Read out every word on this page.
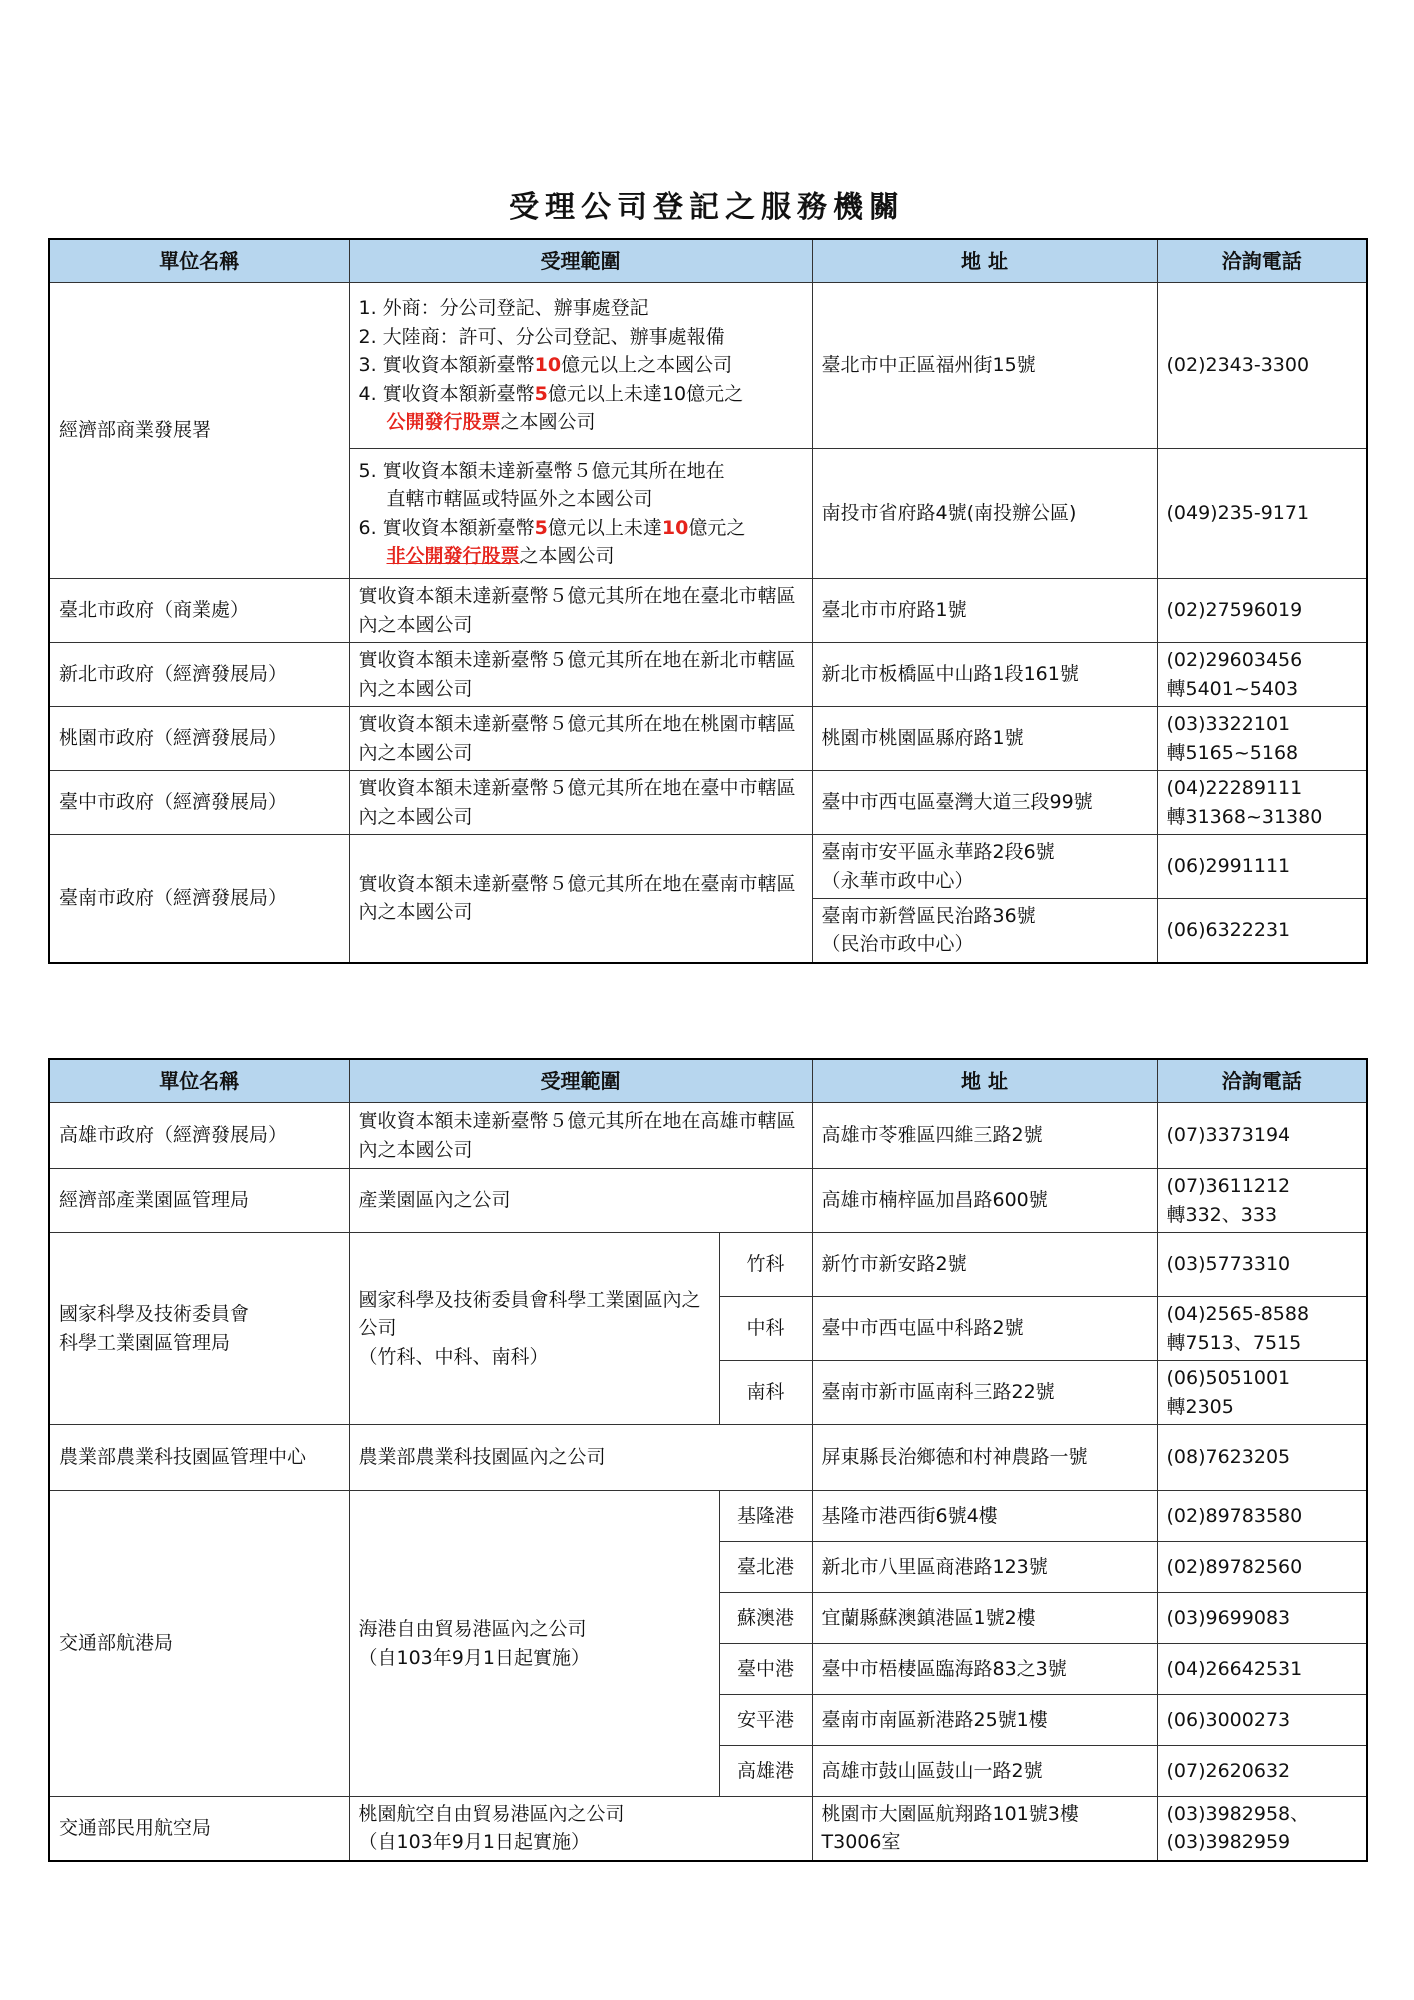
受理公司登記之服務機關
單位名稱	受理範圍	地 址	洽詢電話
經濟部商業發展署	1. 外商：分公司登記、辦事處登記
2. 大陸商：許可、分公司登記、辦事處報備
3. 實收資本額新臺幣10億元以上之本國公司
4. 實收資本額新臺幣5億元以上未達10億元之
公開發行股票之本國公司	臺北市中正區福州街15號	(02)2343-3300

	5. 實收資本額未達新臺幣５億元其所在地在
直轄市轄區或特區外之本國公司
6. 實收資本額新臺幣5億元以上未達10億元之
非公開發行股票之本國公司	南投市省府路4號(南投辦公區)	(049)235-9171
臺北市政府（商業處）	實收資本額未達新臺幣５億元其所在地在臺北市轄區內之本國公司	臺北市市府路1號	(02)27596019
新北市政府（經濟發展局）	實收資本額未達新臺幣５億元其所在地在新北市轄區內之本國公司	新北市板橋區中山路1段161號	(02)29603456
轉5401~5403

桃園市政府（經濟發展局）	實收資本額未達新臺幣５億元其所在地在桃園市轄區內之本國公司	桃園市桃園區縣府路1號	(03)3322101
轉5165~5168

臺中市政府（經濟發展局）	實收資本額未達新臺幣５億元其所在地在臺中市轄區內之本國公司	臺中市西屯區臺灣大道三段99號	(04)22289111
轉31368~31380

臺南市政府（經濟發展局）	實收資本額未達新臺幣５億元其所在地在臺南市轄區內之本國公司	臺南市安平區永華路2段6號
（永華市政中心）	(06)2991111

		臺南市新營區民治路36號
（民治市政中心）	(06)6322231
單位名稱	受理範圍		地 址	洽詢電話
高雄市政府（經濟發展局）	實收資本額未達新臺幣５億元其所在地在高雄市轄區內之本國公司		高雄市苓雅區四維三路2號	(07)3373194
經濟部產業園區管理局	產業園區內之公司		高雄市楠梓區加昌路600號	(07)3611212
轉332、333

國家科學及技術委員會
科學工業園區管理局	國家科學及技術委員會科學工業園區內之公司
（竹科、中科、南科）	竹科	新竹市新安路2號	(03)5773310
		中科	臺中市西屯區中科路2號	(04)2565-8588
轉7513、7515

		南科	臺南市新市區南科三路22號	(06)5051001
轉2305

農業部農業科技園區管理中心	農業部農業科技園區內之公司		屏東縣長治鄉德和村神農路一號	(08)7623205
交通部航港局	海港自由貿易港區內之公司
（自103年9月1日起實施）	基隆港	基隆市港西街6號4樓	(02)89783580
		臺北港	新北市八里區商港路123號	(02)89782560
		蘇澳港	宜蘭縣蘇澳鎮港區1號2樓	(03)9699083
		臺中港	臺中市梧棲區臨海路83之3號	(04)26642531
		安平港	臺南市南區新港路25號1樓	(06)3000273
		高雄港	高雄市鼓山區鼓山一路2號	(07)2620632
交通部民用航空局	桃園航空自由貿易港區內之公司
（自103年9月1日起實施）		桃園市大園區航翔路101號3樓
T3006室	(03)3982958、
(03)3982959
